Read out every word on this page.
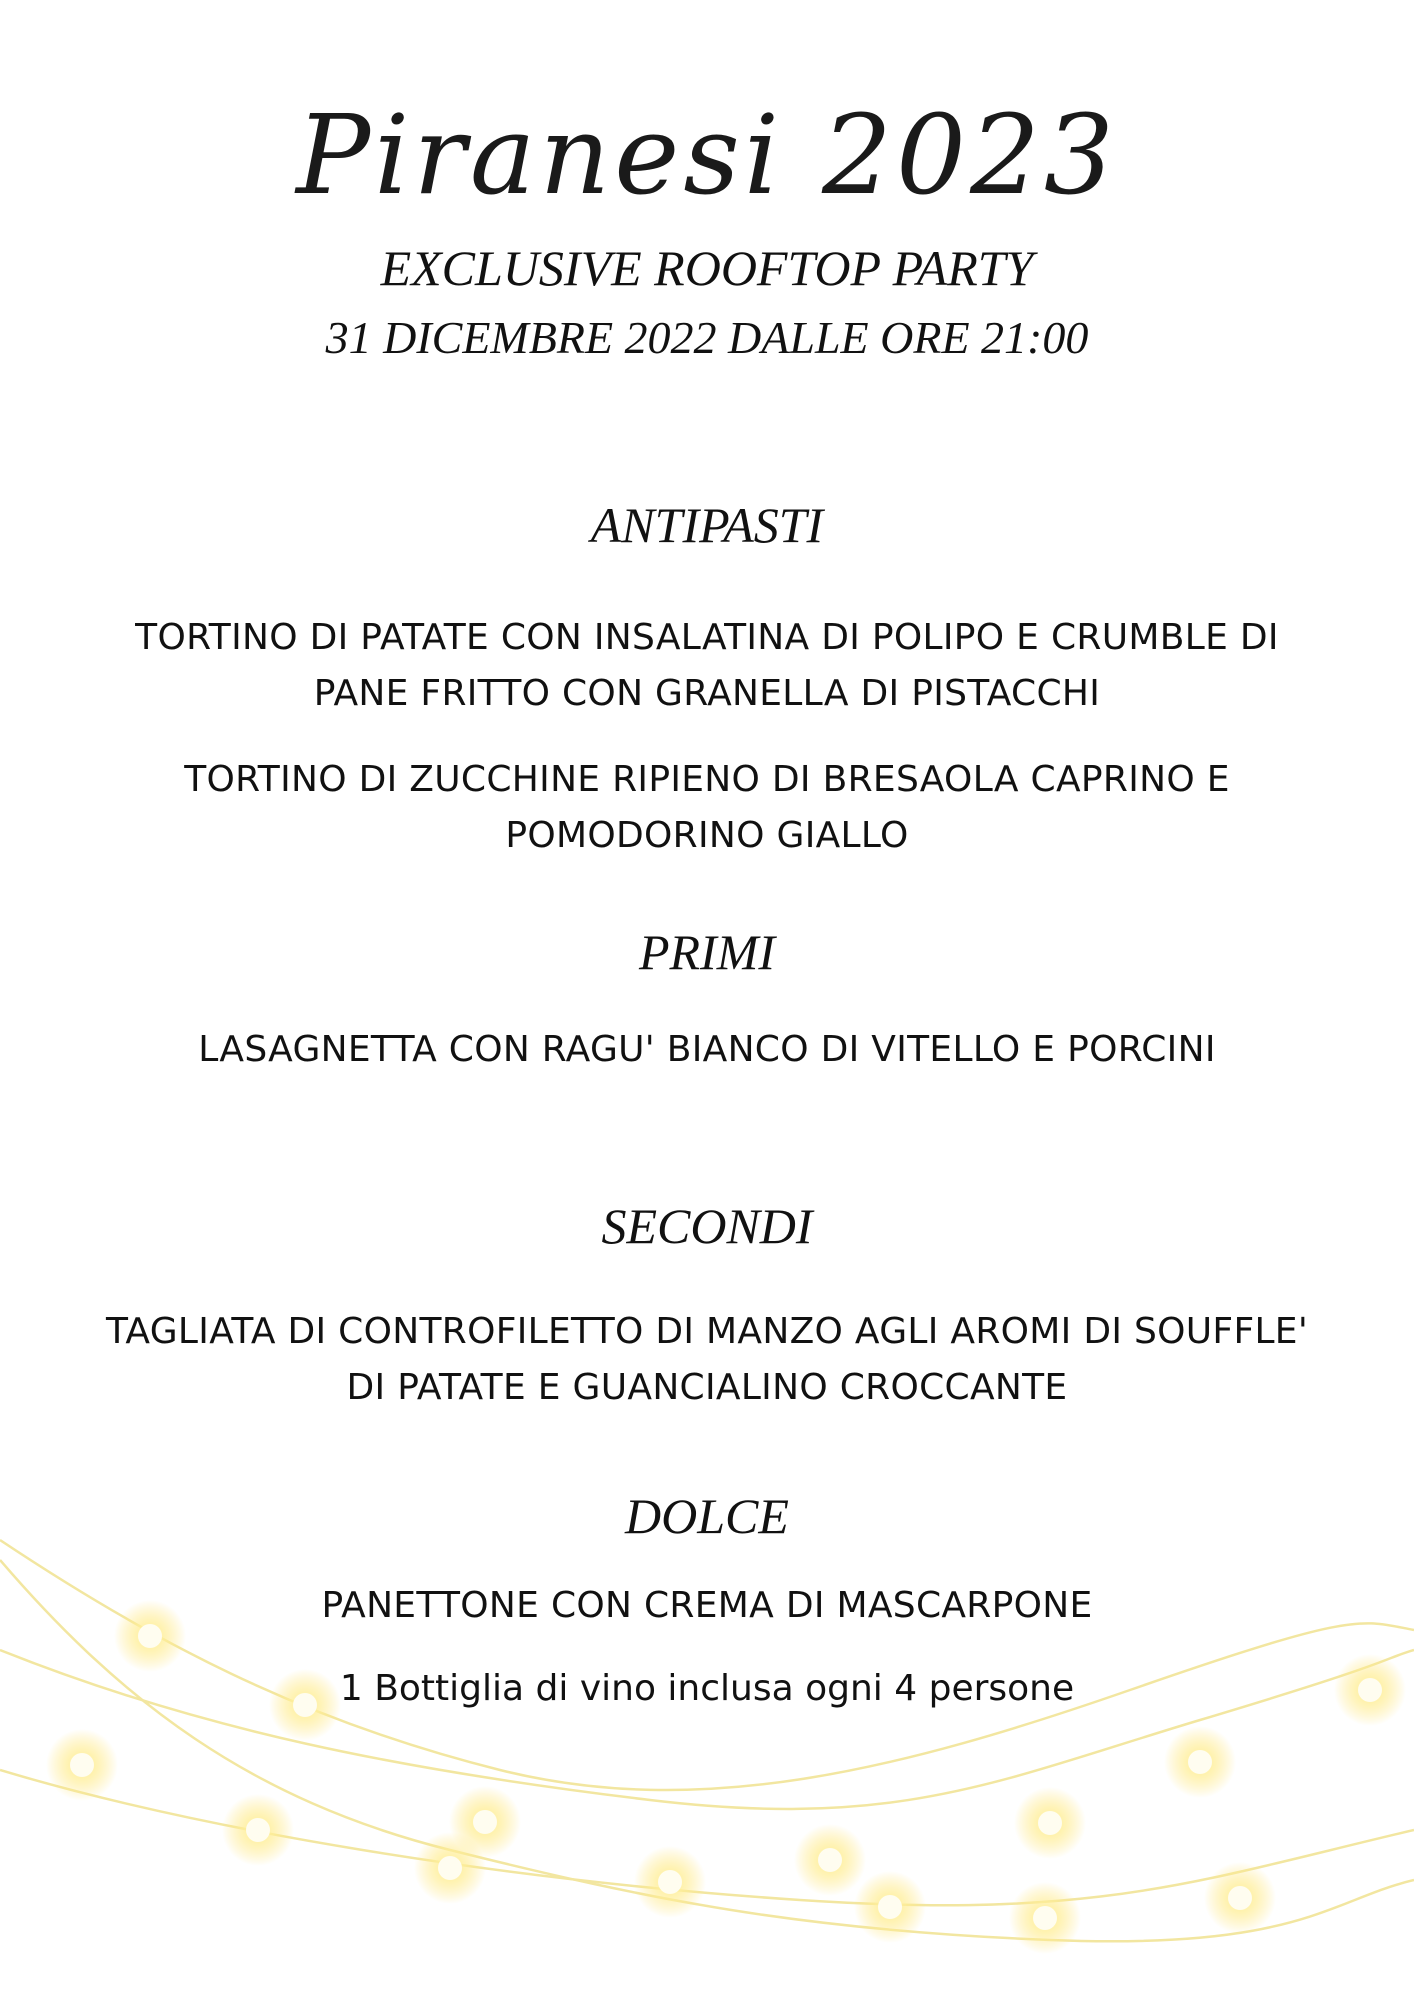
Piranesi 2023
EXCLUSIVE ROOFTOP PARTY
31 DICEMBRE 2022 DALLE ORE 21:00
ANTIPASTI
TORTINO DI PATATE CON INSALATINA DI POLIPO E CRUMBLE DI
PANE FRITTO CON GRANELLA DI PISTACCHI
TORTINO DI ZUCCHINE RIPIENO DI BRESAOLA CAPRINO E
POMODORINO GIALLO
PRIMI
LASAGNETTA CON RAGU' BIANCO DI VITELLO E PORCINI
SECONDI
TAGLIATA DI CONTROFILETTO DI MANZO AGLI AROMI DI SOUFFLE'
DI PATATE E GUANCIALINO CROCCANTE
DOLCE
PANETTONE CON CREMA DI MASCARPONE
1 Bottiglia di vino inclusa ogni 4 persone
